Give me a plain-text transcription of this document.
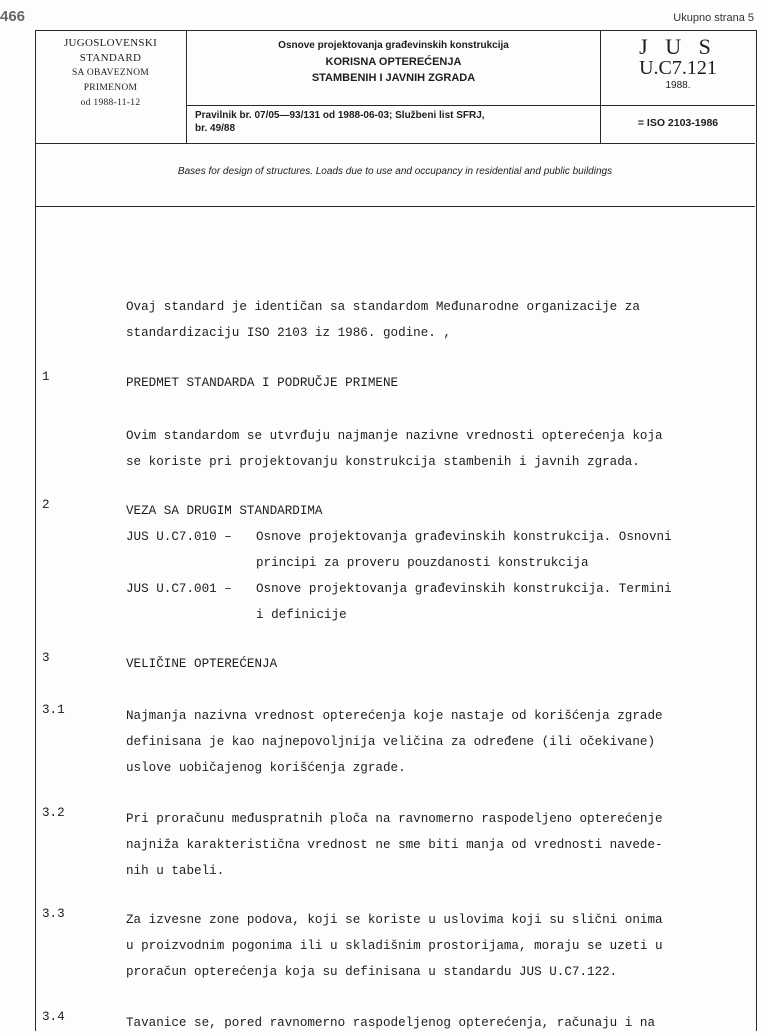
466	Ukupno strana 5
JUGOSLOVENSKI
STANDARD
SA OBAVEZNOM
PRIMENOM
od 1988-11-12
Osnove projektovanja građevinskih konstrukcija
KORISNA OPTEREĆENJA
STAMBENIH I JAVNIH ZGRADA
J U S
U.C7.121
1988.
Pravilnik br. 07/05—93/131 od 1988-06-03; Službeni list SFRJ,
br. 49/88	= ISO 2103-1986
Bases for design of structures. Loads due to use and occupancy in residential and public buildings
Ovaj standard je identičan sa standardom Međunarodne organizacije za
standardizaciju ISO 2103 iz 1986. godine. ,
1	PREDMET STANDARDA I PODRUČJE PRIMENE
Ovim standardom se utvrđuju najmanje nazivne vrednosti opterećenja koja
se koriste pri projektovanju konstrukcija stambenih i javnih zgrada.
2	VEZA SA DRUGIM STANDARDIMA
JUS U.C7.010 –	Osnove projektovanja građevinskih konstrukcija. Osnovni
principi za proveru pouzdanosti konstrukcija
JUS U.C7.001 –	Osnove projektovanja građevinskih konstrukcija. Termini
i definicije
3	VELIČINE OPTEREĆENJA
3.1	Najmanja nazivna vrednost opterećenja koje nastaje od korišćenja zgrade
definisana je kao najnepovoljnija veličina za određene (ili očekivane)
uslove uobičajenog korišćenja zgrade.
3.2	Pri proračunu međuspratnih ploča na ravnomerno raspodeljeno opterećenje
najniža karakteristična vrednost ne sme biti manja od vrednosti navede-
nih u tabeli.
3.3	Za izvesne zone podova, koji se koriste u uslovima koji su slični onima
u proizvodnim pogonima ili u skladišnim prostorijama, moraju se uzeti u
proračun opterećenja koja su definisana u standardu JUS U.C7.122.
3.4	Tavanice se, pored ravnomerno raspodeljenog opterećenja, računaju i na
